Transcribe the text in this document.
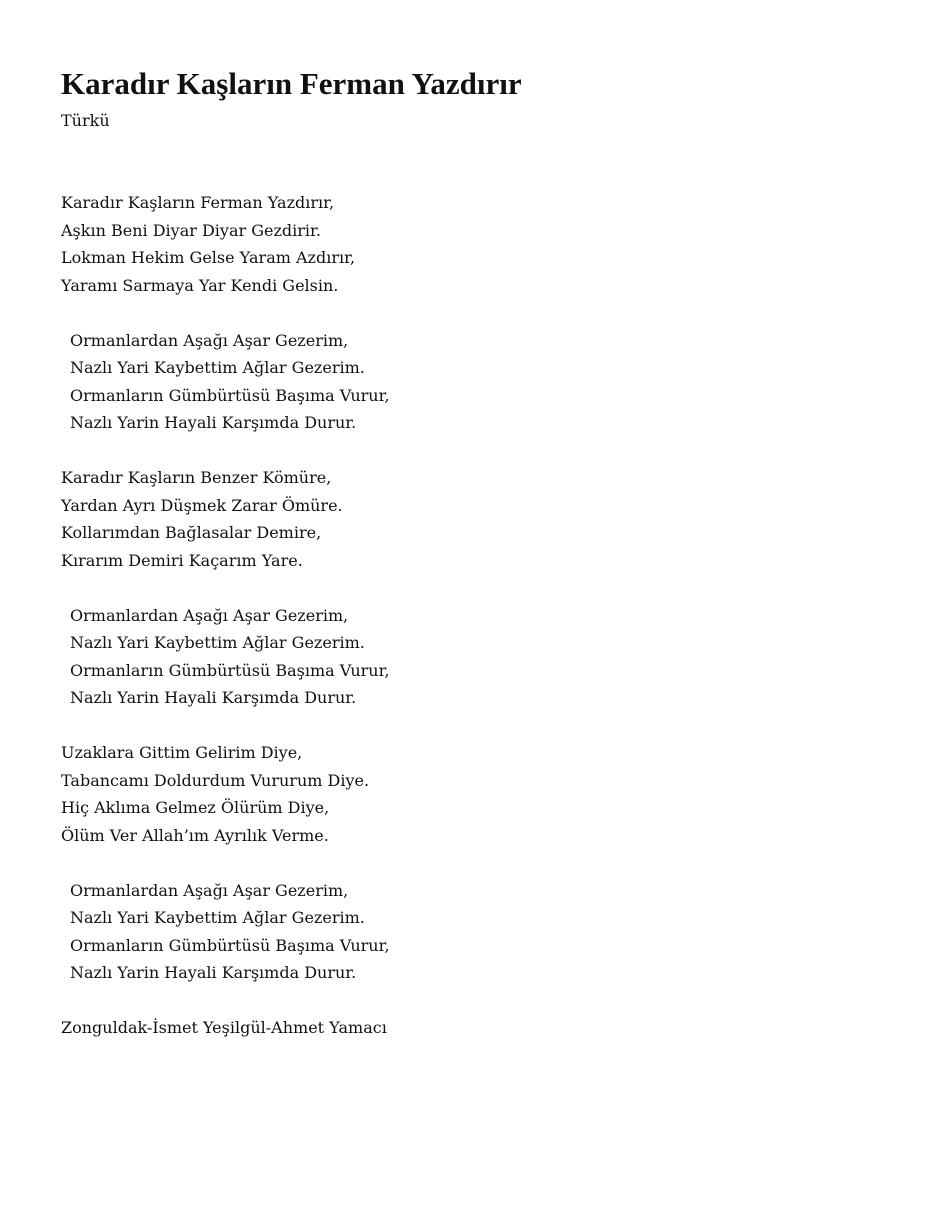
Karadır Kaşların Ferman Yazdırır
Türkü
Karadır Kaşların Ferman Yazdırır,
Aşkın Beni Diyar Diyar Gezdirir.
Lokman Hekim Gelse Yaram Azdırır,
Yaramı Sarmaya Yar Kendi Gelsin.
Ormanlardan Aşağı Aşar Gezerim,
Nazlı Yari Kaybettim Ağlar Gezerim.
Ormanların Gümbürtüsü Başıma Vurur,
Nazlı Yarin Hayali Karşımda Durur.
Karadır Kaşların Benzer Kömüre,
Yardan Ayrı Düşmek Zarar Ömüre.
Kollarımdan Bağlasalar Demire,
Kırarım Demiri Kaçarım Yare.
Ormanlardan Aşağı Aşar Gezerim,
Nazlı Yari Kaybettim Ağlar Gezerim.
Ormanların Gümbürtüsü Başıma Vurur,
Nazlı Yarin Hayali Karşımda Durur.
Uzaklara Gittim Gelirim Diye,
Tabancamı Doldurdum Vururum Diye.
Hiç Aklıma Gelmez Ölürüm Diye,
Ölüm Ver Allah’ım Ayrılık Verme.
Ormanlardan Aşağı Aşar Gezerim,
Nazlı Yari Kaybettim Ağlar Gezerim.
Ormanların Gümbürtüsü Başıma Vurur,
Nazlı Yarin Hayali Karşımda Durur.

Zonguldak-İsmet Yeşilgül-Ahmet Yamacı
